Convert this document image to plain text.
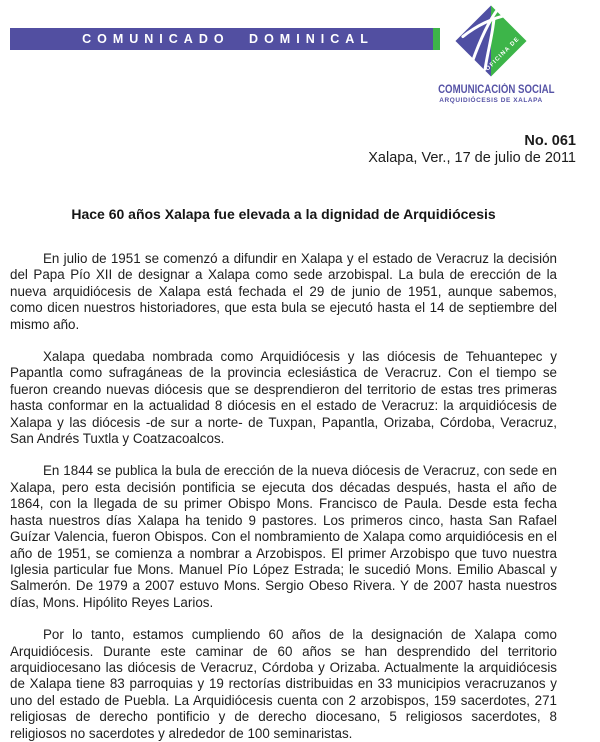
COMUNICADO DOMINICAL
OFICINA DE
COMUNICACIÓN SOCIAL
ARQUIDIÓCESIS DE XALAPA
No. 061
Xalapa, Ver., 17 de julio de 2011
Hace 60 años Xalapa fue elevada a la dignidad de Arquidiócesis

En julio de 1951 se comenzó a difundir en Xalapa y el estado de Veracruz la decisión del Papa Pío XII de designar a Xalapa como sede arzobispal. La bula de erección de la nueva arquidiócesis de Xalapa está fechada el 29 de junio de 1951, aunque sabemos, como dicen nuestros historiadores, que esta bula se ejecutó hasta el 14 de septiembre del mismo año.

Xalapa quedaba nombrada como Arquidiócesis y las diócesis de Tehuantepec y Papantla como sufragáneas de la provincia eclesiástica de Veracruz. Con el tiempo se fueron creando nuevas diócesis que se desprendieron del territorio de estas tres primeras hasta conformar en la actualidad 8 diócesis en el estado de Veracruz: la arquidiócesis de Xalapa y las diócesis -de sur a norte- de Tuxpan, Papantla, Orizaba, Córdoba, Veracruz, San Andrés Tuxtla y Coatzacoalcos.

En 1844 se publica la bula de erección de la nueva diócesis de Veracruz, con sede en Xalapa, pero esta decisión pontificia se ejecuta dos décadas después, hasta el año de 1864, con la llegada de su primer Obispo Mons. Francisco de Paula. Desde esta fecha hasta nuestros días Xalapa ha tenido 9 pastores. Los primeros cinco, hasta San Rafael Guízar Valencia, fueron Obispos. Con el nombramiento de Xalapa como arquidiócesis en el año de 1951, se comienza a nombrar a Arzobispos. El primer Arzobispo que tuvo nuestra Iglesia particular fue Mons. Manuel Pío López Estrada; le sucedió Mons. Emilio Abascal y Salmerón. De 1979 a 2007 estuvo Mons. Sergio Obeso Rivera. Y de 2007 hasta nuestros días, Mons. Hipólito Reyes Larios.

Por lo tanto, estamos cumpliendo 60 años de la designación de Xalapa como Arquidiócesis. Durante este caminar de 60 años se han desprendido del territorio arquidiocesano las diócesis de Veracruz, Córdoba y Orizaba. Actualmente la arquidiócesis de Xalapa tiene 83 parroquias y 19 rectorías distribuidas en 33 municipios veracruzanos y uno del estado de Puebla. La Arquidiócesis cuenta con 2 arzobispos, 159 sacerdotes, 271 religiosas de derecho pontificio y de derecho diocesano, 5 religiosos sacerdotes, 8 religiosos no sacerdotes y alrededor de 100 seminaristas.
